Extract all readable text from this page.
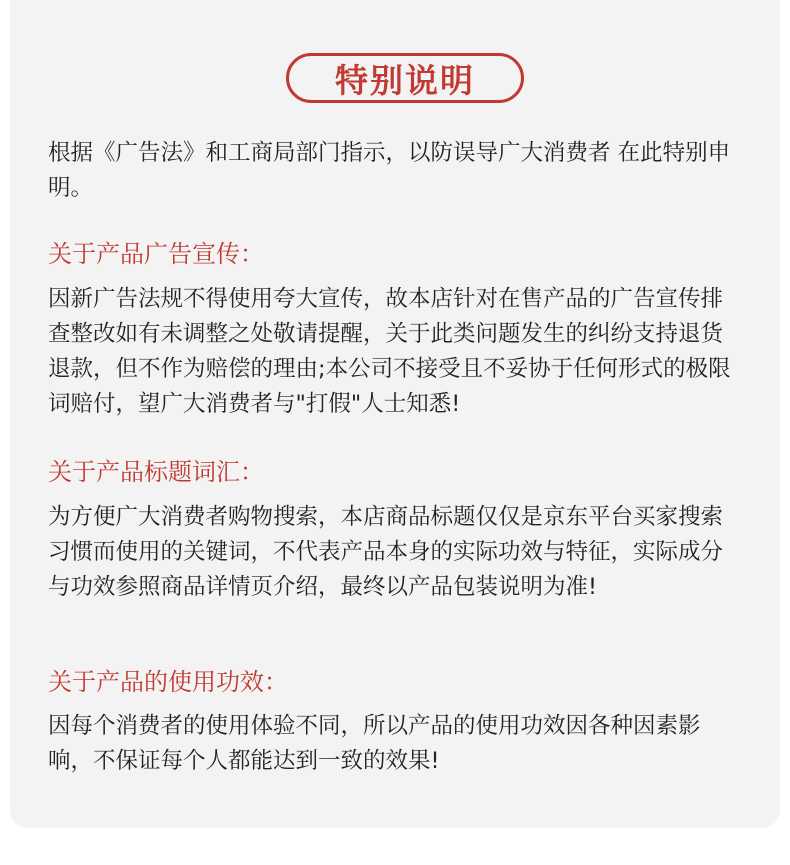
特别说明

根据《广告法》和工商局部门指示，以防误导广大消费者 在此特别申明。

关于产品广告宣传：

因新广告法规不得使用夸大宣传，故本店针对在售产品的广告宣传排查整改如有未调整之处敬请提醒，关于此类问题发生的纠纷支持退货退款，但不作为赔偿的理由;本公司不接受且不妥协于任何形式的极限词赔付，望广大消费者与"打假"人士知悉!

关于产品标题词汇：

为方便广大消费者购物搜索，本店商品标题仅仅是京东平台买家搜索习惯而使用的关键词，不代表产品本身的实际功效与特征，实际成分与功效参照商品详情页介绍，最终以产品包装说明为准!

关于产品的使用功效：

因每个消费者的使用体验不同，所以产品的使用功效因各种因素影响，不保证每个人都能达到一致的效果!
